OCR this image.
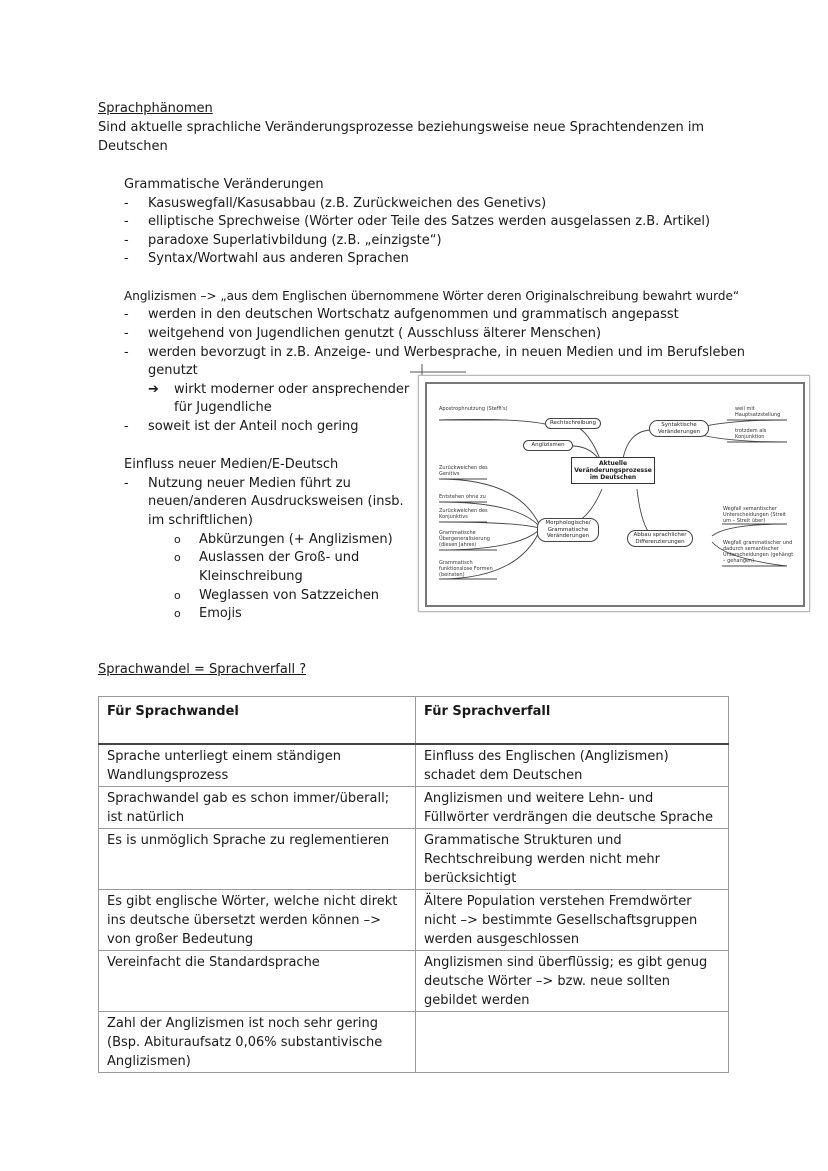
Sprachphänomen
Sind aktuelle sprachliche Veränderungsprozesse beziehungsweise neue Sprachtendenzen im
Deutschen
Grammatische Veränderungen
- Kasuswegfall/Kasusabbau (z.B. Zurückweichen des Genetivs)
- elliptische Sprechweise (Wörter oder Teile des Satzes werden ausgelassen z.B. Artikel)
- paradoxe Superlativbildung (z.B. „einzigste“)
- Syntax/Wortwahl aus anderen Sprachen
Anglizismen –> „aus dem Englischen übernommene Wörter deren Originalschreibung bewahrt wurde“
- werden in den deutschen Wortschatz aufgenommen und grammatisch angepasst
- weitgehend von Jugendlichen genutzt ( Ausschluss älterer Menschen)
- werden bevorzugt in z.B. Anzeige- und Werbesprache, in neuen Medien und im Berufsleben
genutzt
➔ wirkt moderner oder ansprechender
für Jugendliche
- soweit ist der Anteil noch gering
Einfluss neuer Medien/E-Deutsch
- Nutzung neuer Medien führt zu
neuen/anderen Ausdrucksweisen (insb.
im schriftlichen)
o Abkürzungen (+ Anglizismen)
o Auslassen der Groß- und
Kleinschreibung
o Weglassen von Satzzeichen
o Emojis
Aktuelle Veränderungsprozesse im Deutschen
Rechtschreibung
Anglizismen
Syntaktische Veränderungen
Morphologische/ Grammatische Veränderungen	Abbau sprachlicher Differenzierungen
Apostrophnutzung (Steffi's)	weil mit Hauptsatzstellung
trotzdem als Konjunktion
Zurückweichen des Genitivs
Entstehen ohne zu
Zurückweichen des Konjunktivs
Grammatische Übergeneralisierung (diesen Jahres)
Grammatisch funktionslose Formen (beinsten)
Wegfall semantischer Unterscheidungen (Streit um – Streit über)
Wegfall grammatischer und dadurch semantischer Unterscheidungen (gehängt – gehangen)
Sprachwandel = Sprachverfall ?
Für Sprachwandel	Für Sprachverfall
Sprache unterliegt einem ständigen Wandlungsprozess	Einfluss des Englischen (Anglizismen) schadet dem Deutschen
Sprachwandel gab es schon immer/überall; ist natürlich	Anglizismen und weitere Lehn- und Füllwörter verdrängen die deutsche Sprache
Es is unmöglich Sprache zu reglementieren	Grammatische Strukturen und Rechtschreibung werden nicht mehr berücksichtigt
Es gibt englische Wörter, welche nicht direkt ins deutsche übersetzt werden können –> von großer Bedeutung	Ältere Population verstehen Fremdwörter nicht –> bestimmte Gesellschaftsgruppen werden ausgeschlossen
Vereinfacht die Standardsprache	Anglizismen sind überflüssig; es gibt genug deutsche Wörter –> bzw. neue sollten gebildet werden
Zahl der Anglizismen ist noch sehr gering (Bsp. Abituraufsatz 0,06% substantivische Anglizismen)	
